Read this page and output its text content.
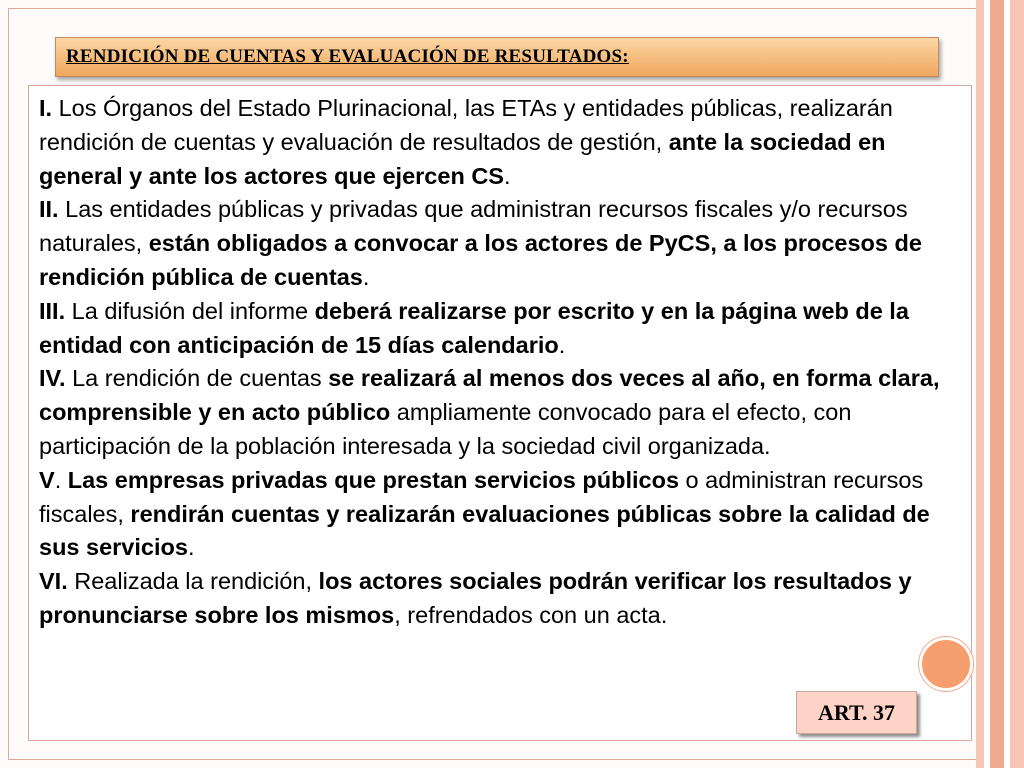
RENDICIÓN DE CUENTAS Y EVALUACIÓN DE RESULTADOS:

I. Los Órganos del Estado Plurinacional, las ETAs y entidades públicas, realizarán rendición de cuentas y evaluación de resultados de gestión, ante la sociedad en general y ante los actores que ejercen CS.

II. Las entidades públicas y privadas que administran recursos fiscales y/o recursos naturales, están obligados a convocar a los actores de PyCS, a los procesos de rendición pública de cuentas.

III. La difusión del informe deberá realizarse por escrito y en la página web de la entidad con anticipación de 15 días calendario.

IV. La rendición de cuentas se realizará al menos dos veces al año, en forma clara, comprensible y en acto público ampliamente convocado para el efecto, con participación de la población interesada y la sociedad civil organizada.

V. Las empresas privadas que prestan servicios públicos o administran recursos fiscales, rendirán cuentas y realizarán evaluaciones públicas sobre la calidad de sus servicios.

VI. Realizada la rendición, los actores sociales podrán verificar los resultados y pronunciarse sobre los mismos, refrendados con un acta.

ART. 37
